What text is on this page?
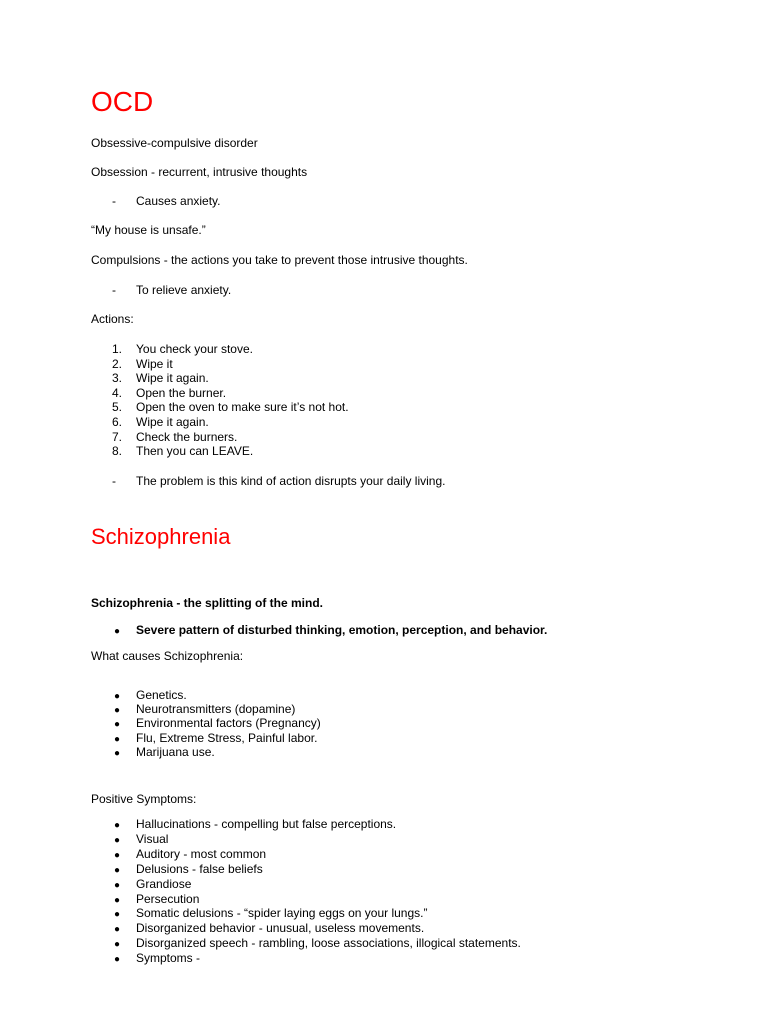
OCD
Obsessive-compulsive disorder
Obsession - recurrent, intrusive thoughts
- Causes anxiety.
“My house is unsafe.”
Compulsions - the actions you take to prevent those intrusive thoughts.
- To relieve anxiety.
Actions:
1. You check your stove.
2. Wipe it
3. Wipe it again.
4. Open the burner.
5. Open the oven to make sure it’s not hot.
6. Wipe it again.
7. Check the burners.
8. Then you can LEAVE.
- The problem is this kind of action disrupts your daily living.
Schizophrenia
Schizophrenia - the splitting of the mind.
● Severe pattern of disturbed thinking, emotion, perception, and behavior.
What causes Schizophrenia:
● Genetics.
● Neurotransmitters (dopamine)
● Environmental factors (Pregnancy)
● Flu, Extreme Stress, Painful labor.
● Marijuana use.
Positive Symptoms:
● Hallucinations - compelling but false perceptions.
● Visual
● Auditory - most common
● Delusions - false beliefs
● Grandiose
● Persecution
● Somatic delusions - “spider laying eggs on your lungs.”
● Disorganized behavior - unusual, useless movements.
● Disorganized speech - rambling, loose associations, illogical statements.
● Symptoms -
